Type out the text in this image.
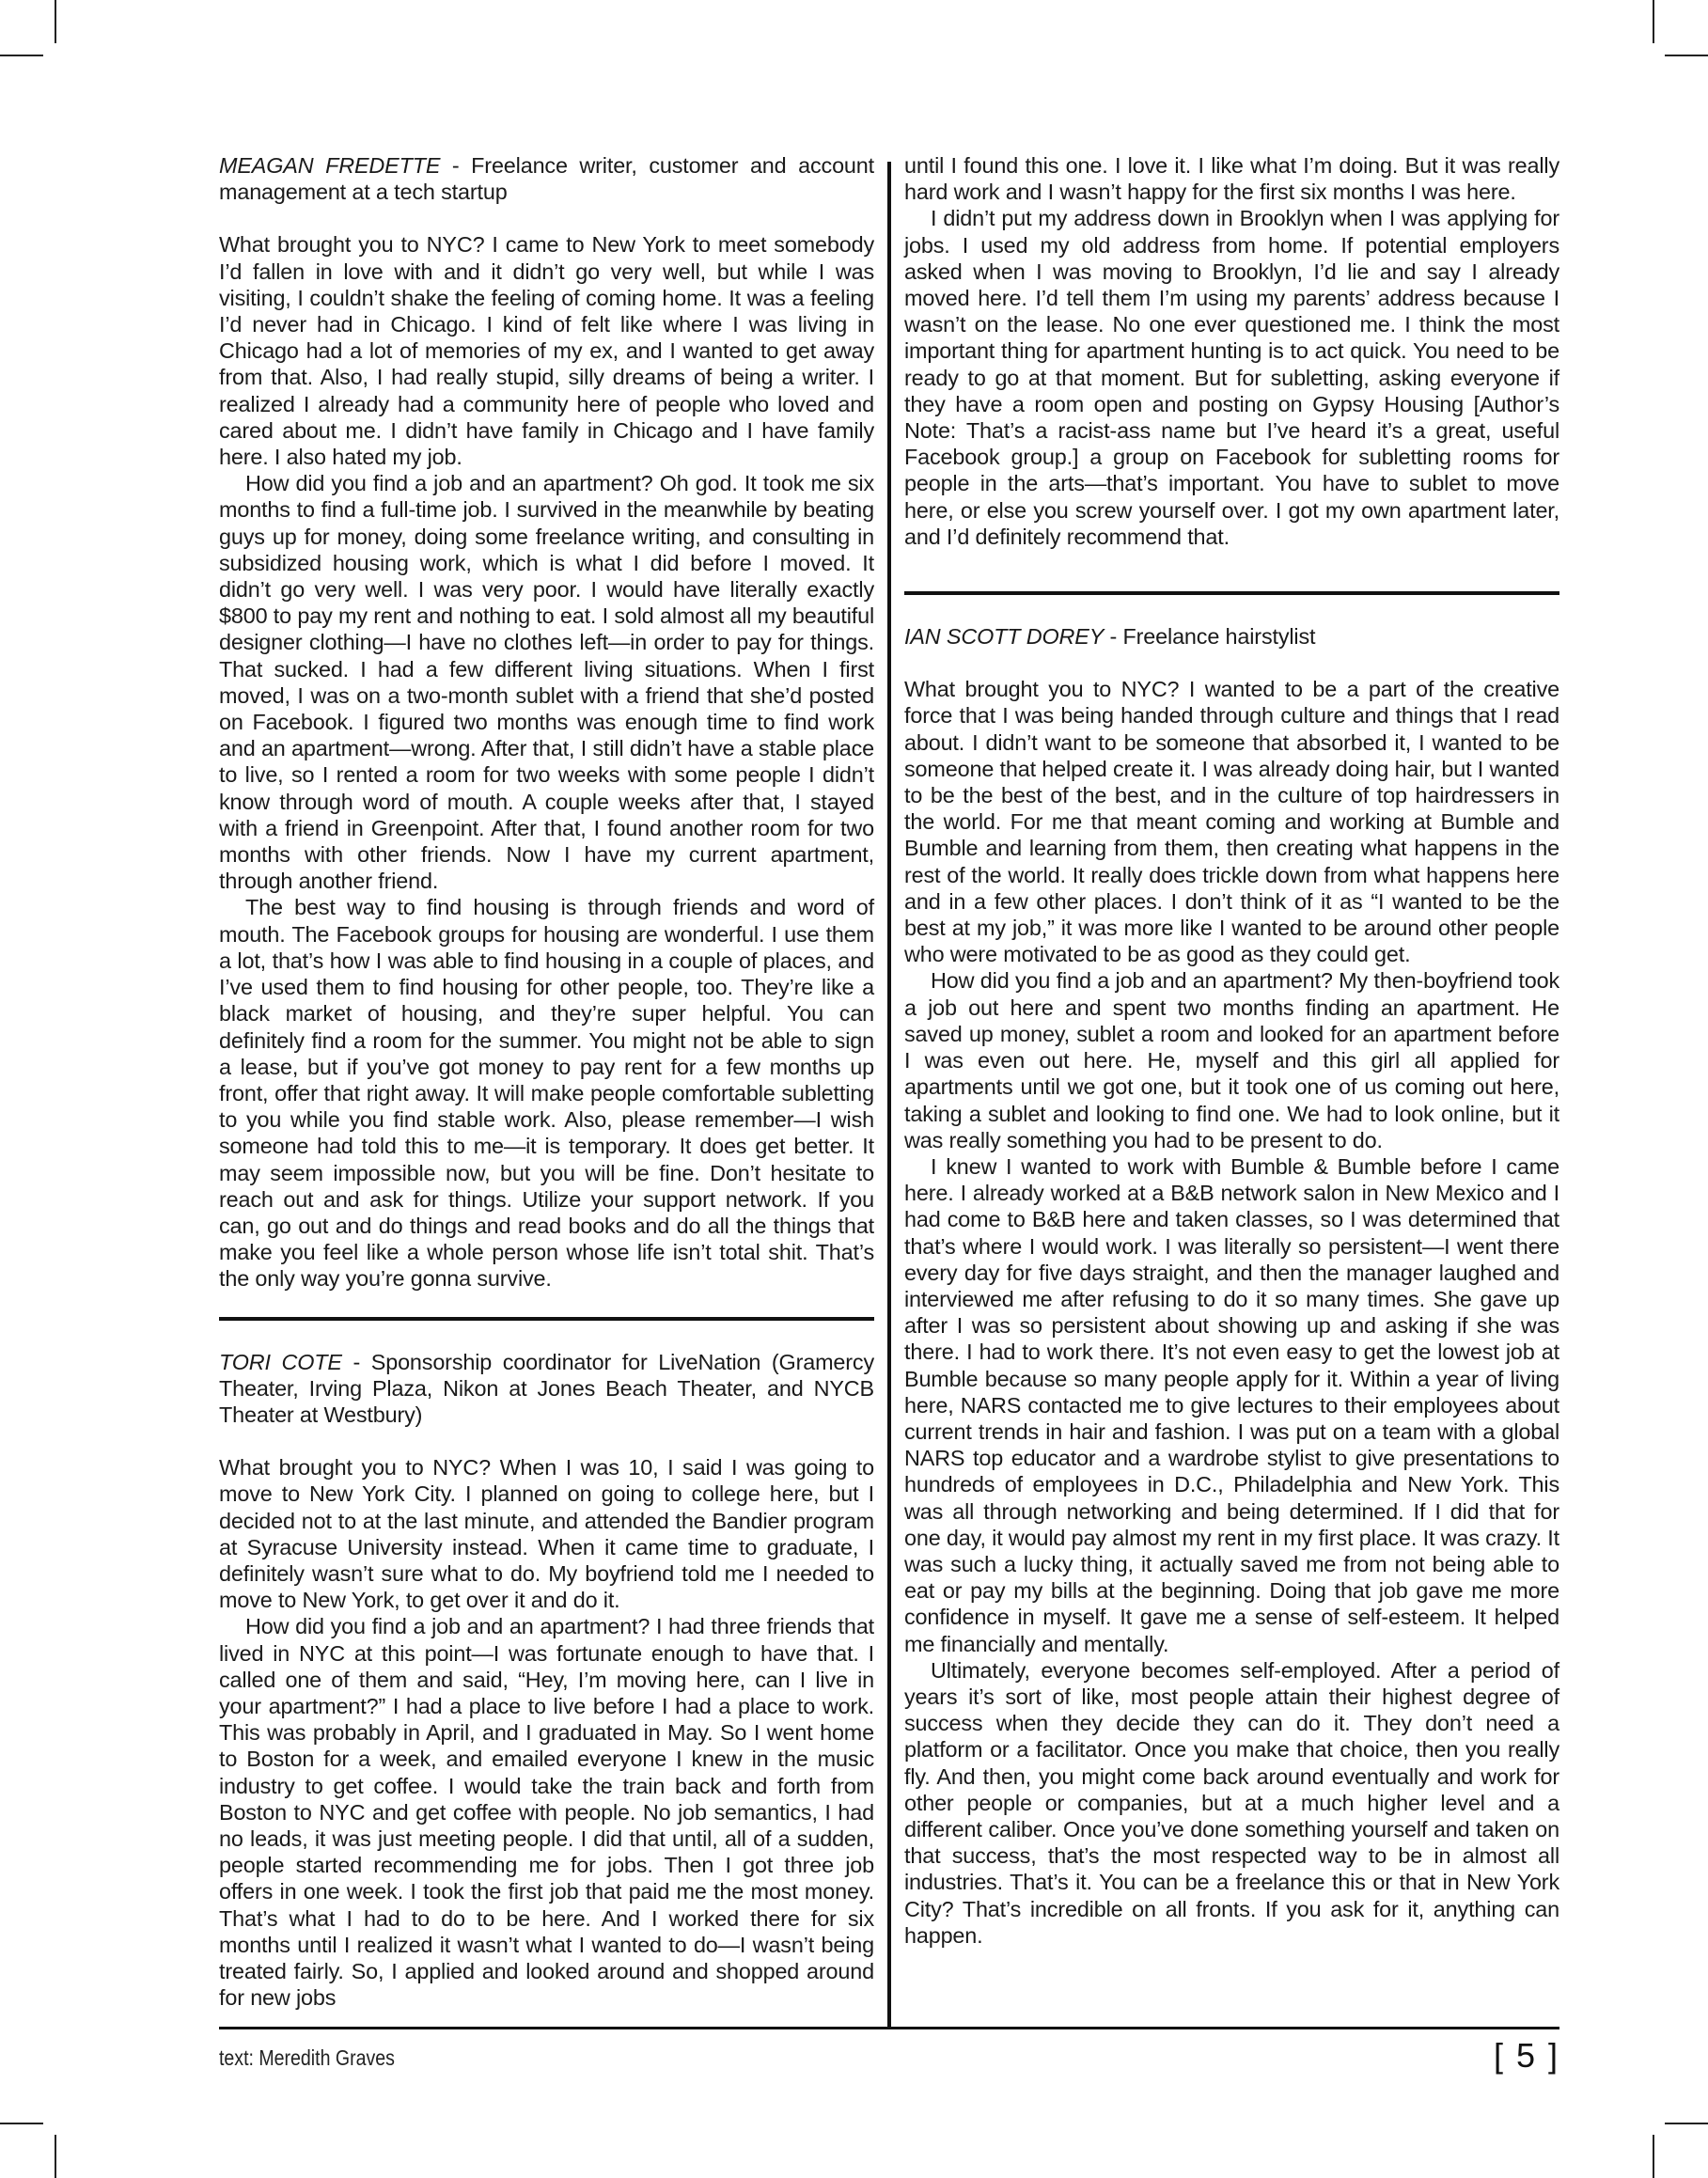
MEAGAN FREDETTE - Freelance writer, customer and account management at a tech startup

What brought you to NYC? I came to New York to meet somebody I’d fallen in love with and it didn’t go very well, but while I was visiting, I couldn’t shake the feeling of coming home. It was a feeling I’d never had in Chicago. I kind of felt like where I was living in Chicago had a lot of memories of my ex, and I wanted to get away from that. Also, I had really stupid, silly dreams of being a writer. I realized I already had a community here of people who loved and cared about me. I didn’t have family in Chicago and I have family here. I also hated my job.

How did you find a job and an apartment? Oh god. It took me six months to find a full-time job. I survived in the meanwhile by beating guys up for money, doing some freelance writing, and consulting in subsidized housing work, which is what I did before I moved. It didn’t go very well. I was very poor. I would have literally exactly $800 to pay my rent and nothing to eat. I sold almost all my beautiful designer clothing—I have no clothes left—in order to pay for things. That sucked. I had a few different living situations. When I first moved, I was on a two-month sublet with a friend that she’d posted on Facebook. I figured two months was enough time to find work and an apartment—wrong. After that, I still didn’t have a stable place to live, so I rented a room for two weeks with some people I didn’t know through word of mouth. A couple weeks after that, I stayed with a friend in Greenpoint. After that, I found another room for two months with other friends. Now I have my current apartment, through another friend.

The best way to find housing is through friends and word of mouth. The Facebook groups for housing are wonderful. I use them a lot, that’s how I was able to find housing in a couple of places, and I’ve used them to find housing for other people, too. They’re like a black market of housing, and they’re super helpful. You can definitely find a room for the summer. You might not be able to sign a lease, but if you’ve got money to pay rent for a few months up front, offer that right away. It will make people comfortable subletting to you while you find stable work. Also, please remember—I wish someone had told this to me—it is temporary. It does get better. It may seem impossible now, but you will be fine. Don’t hesitate to reach out and ask for things. Utilize your support network. If you can, go out and do things and read books and do all the things that make you feel like a whole person whose life isn’t total shit. That’s the only way you’re gonna survive.

TORI COTE - Sponsorship coordinator for LiveNation (Gramercy Theater, Irving Plaza, Nikon at Jones Beach Theater, and NYCB Theater at Westbury)

What brought you to NYC? When I was 10, I said I was going to move to New York City. I planned on going to college here, but I decided not to at the last minute, and attended the Bandier program at Syracuse University instead. When it came time to graduate, I definitely wasn’t sure what to do. My boyfriend told me I needed to move to New York, to get over it and do it.

How did you find a job and an apartment? I had three friends that lived in NYC at this point—I was fortunate enough to have that. I called one of them and said, “Hey, I’m moving here, can I live in your apartment?” I had a place to live before I had a place to work. This was probably in April, and I graduated in May. So I went home to Boston for a week, and emailed everyone I knew in the music industry to get coffee. I would take the train back and forth from Boston to NYC and get coffee with people. No job semantics, I had no leads, it was just meeting people. I did that until, all of a sudden, people started recommending me for jobs. Then I got three job offers in one week. I took the first job that paid me the most money. That’s what I had to do to be here. And I worked there for six months until I realized it wasn’t what I wanted to do—I wasn’t being treated fairly. So, I applied and looked around and shopped around for new jobs

until I found this one. I love it. I like what I’m doing. But it was really hard work and I wasn’t happy for the first six months I was here.

I didn’t put my address down in Brooklyn when I was applying for jobs. I used my old address from home. If potential employers asked when I was moving to Brooklyn, I’d lie and say I already moved here. I’d tell them I’m using my parents’ address because I wasn’t on the lease. No one ever questioned me. I think the most important thing for apartment hunting is to act quick. You need to be ready to go at that moment. But for subletting, asking everyone if they have a room open and posting on Gypsy Housing [Author’s Note: That’s a racist-ass name but I’ve heard it’s a great, useful Facebook group.] a group on Facebook for subletting rooms for people in the arts—that’s important. You have to sublet to move here, or else you screw yourself over. I got my own apartment later, and I’d definitely recommend that.

IAN SCOTT DOREY - Freelance hairstylist

What brought you to NYC? I wanted to be a part of the creative force that I was being handed through culture and things that I read about. I didn’t want to be someone that absorbed it, I wanted to be someone that helped create it. I was already doing hair, but I wanted to be the best of the best, and in the culture of top hairdressers in the world. For me that meant coming and working at Bumble and Bumble and learning from them, then creating what happens in the rest of the world. It really does trickle down from what happens here and in a few other places. I don’t think of it as “I wanted to be the best at my job,” it was more like I wanted to be around other people who were motivated to be as good as they could get.

How did you find a job and an apartment? My then-boyfriend took a job out here and spent two months finding an apartment. He saved up money, sublet a room and looked for an apartment before I was even out here. He, myself and this girl all applied for apartments until we got one, but it took one of us coming out here, taking a sublet and looking to find one. We had to look online, but it was really something you had to be present to do.

I knew I wanted to work with Bumble & Bumble before I came here. I already worked at a B&B network salon in New Mexico and I had come to B&B here and taken classes, so I was determined that that’s where I would work. I was literally so persistent—I went there every day for five days straight, and then the manager laughed and interviewed me after refusing to do it so many times. She gave up after I was so persistent about showing up and asking if she was there. I had to work there. It’s not even easy to get the lowest job at Bumble because so many people apply for it. Within a year of living here, NARS contacted me to give lectures to their employees about current trends in hair and fashion. I was put on a team with a global NARS top educator and a wardrobe stylist to give presentations to hundreds of employees in D.C., Philadelphia and New York. This was all through networking and being determined. If I did that for one day, it would pay almost my rent in my first place. It was crazy. It was such a lucky thing, it actually saved me from not being able to eat or pay my bills at the beginning. Doing that job gave me more confidence in myself. It gave me a sense of self-esteem. It helped me financially and mentally.

Ultimately, everyone becomes self-employed. After a period of years it’s sort of like, most people attain their highest degree of success when they decide they can do it. They don’t need a platform or a facilitator. Once you make that choice, then you really fly. And then, you might come back around eventually and work for other people or companies, but at a much higher level and a different caliber. Once you’ve done something yourself and taken on that success, that’s the most respected way to be in almost all industries. That’s it. You can be a freelance this or that in New York City? That’s incredible on all fronts. If you ask for it, anything can happen.

text: Meredith Graves	[ 5 ]
